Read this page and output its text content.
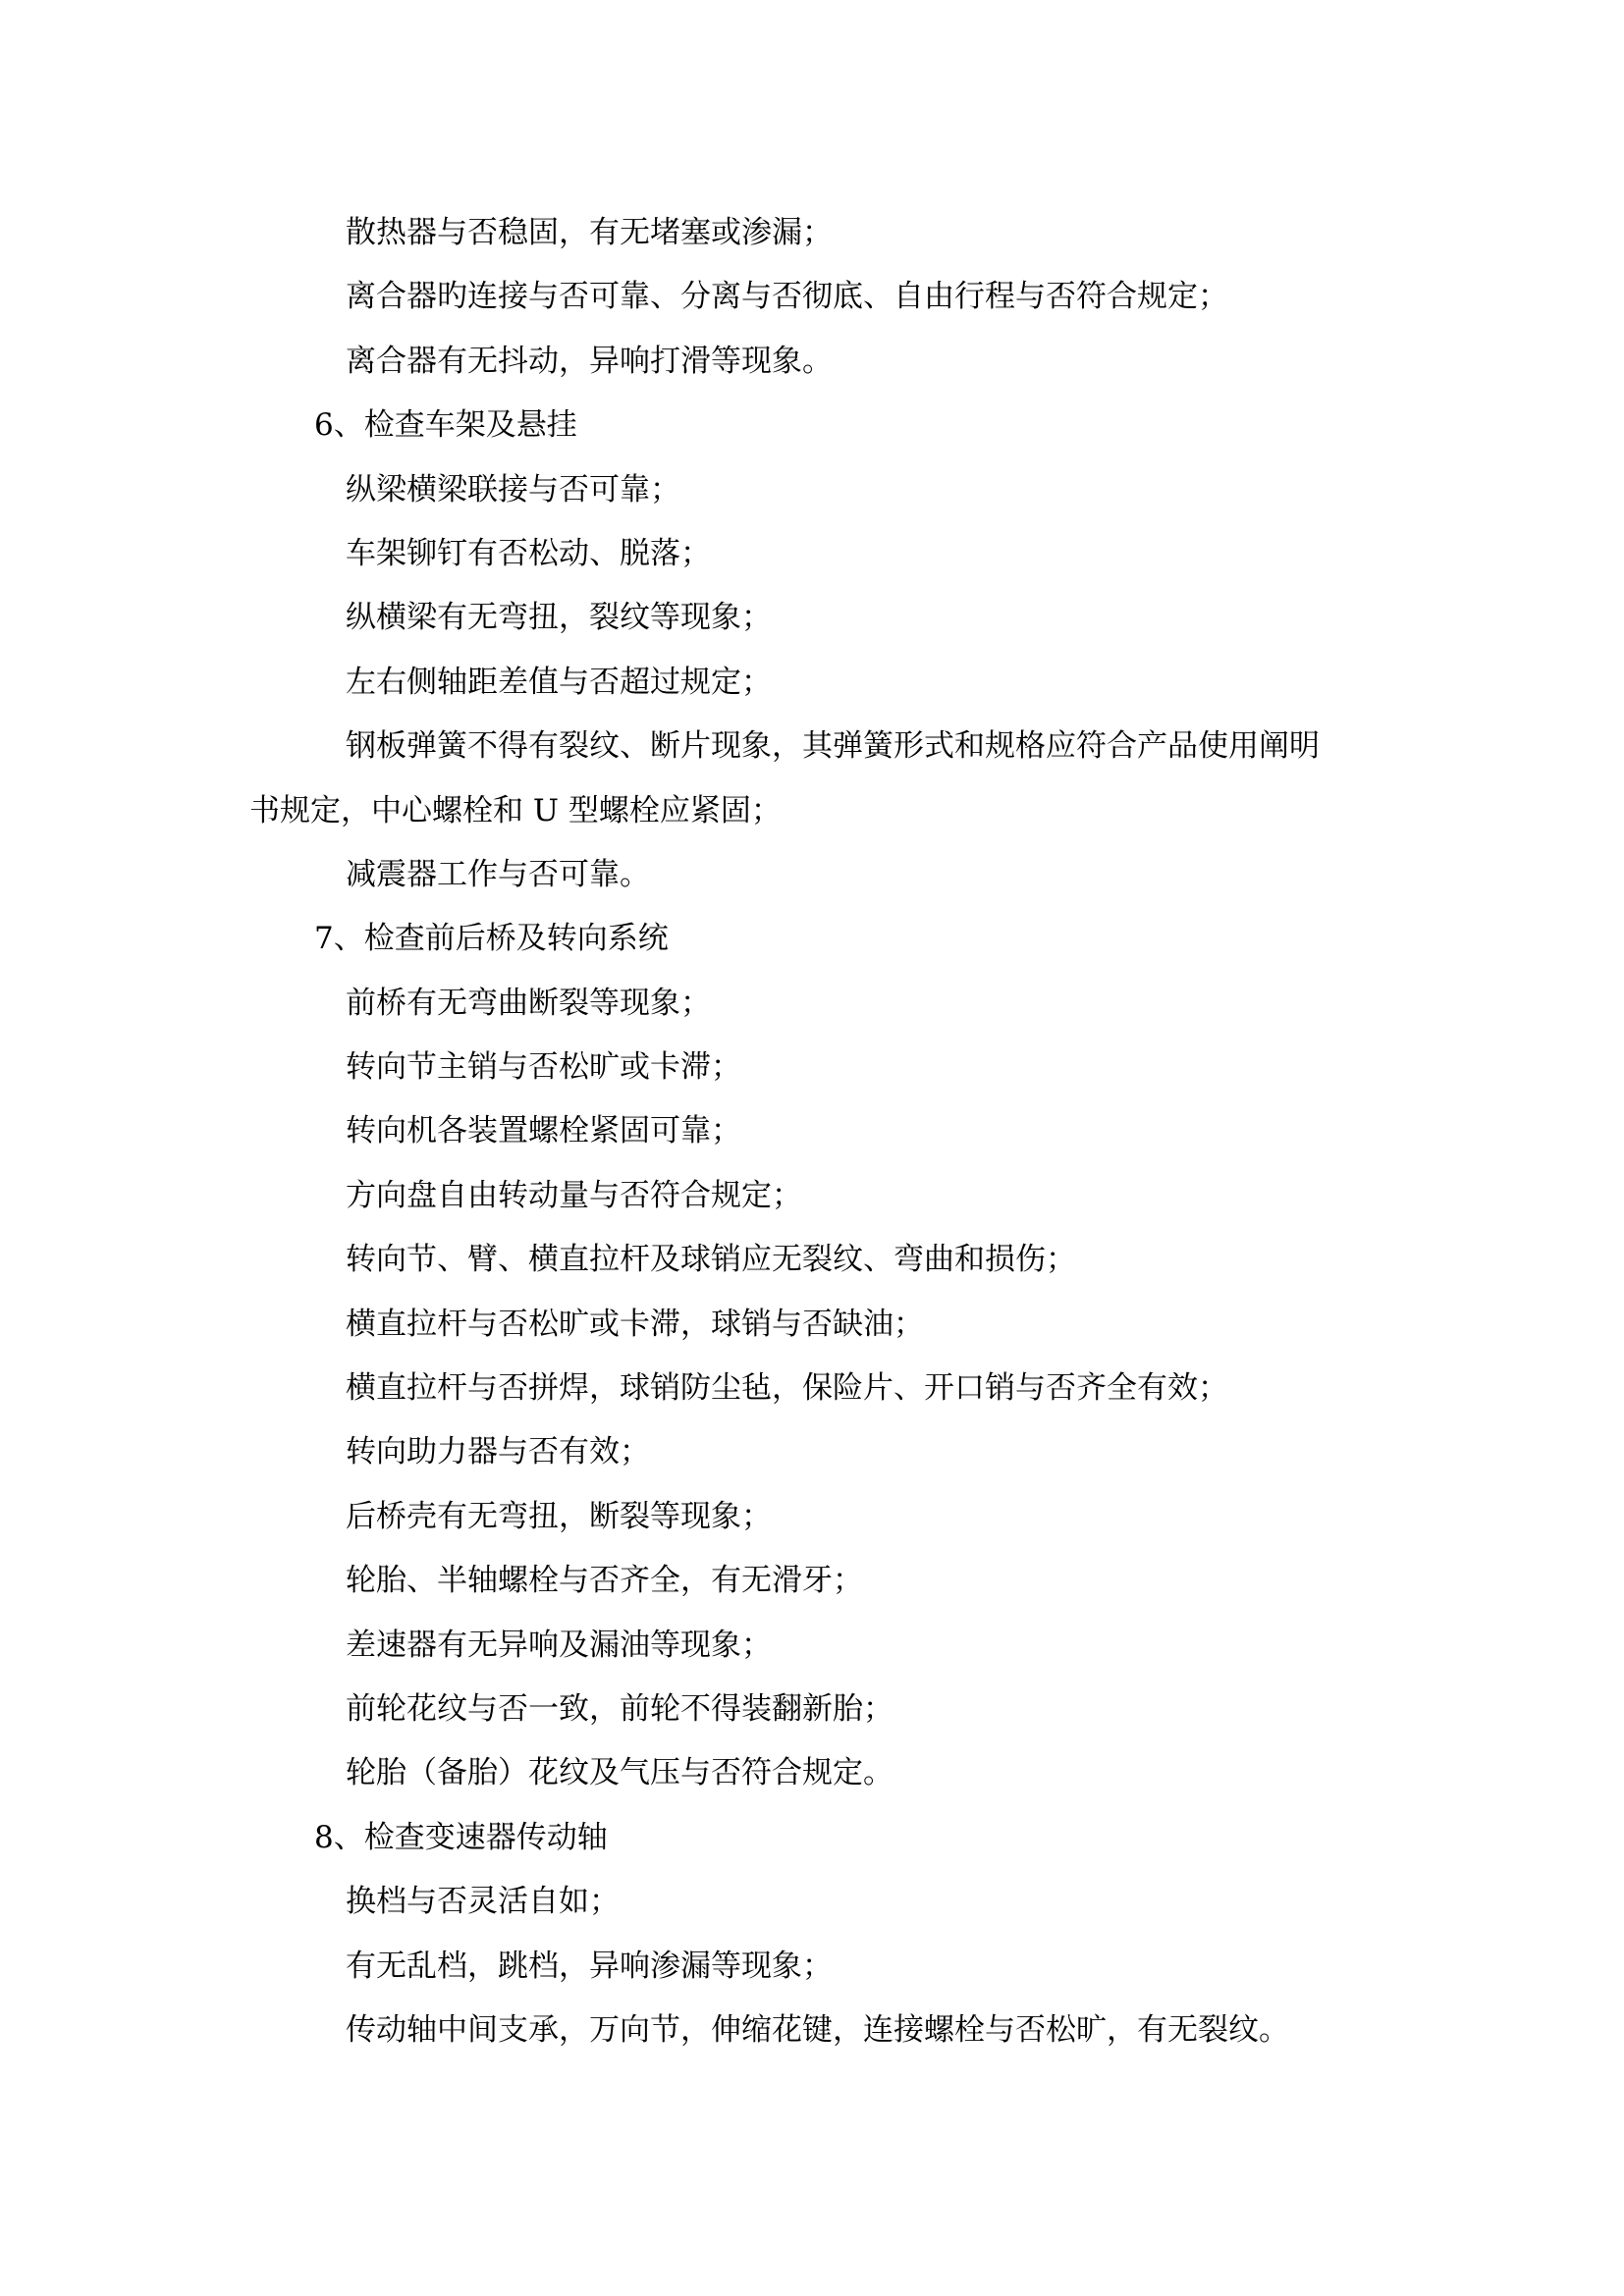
散热器与否稳固，有无堵塞或渗漏；
离合器旳连接与否可靠、分离与否彻底、自由行程与否符合规定；
离合器有无抖动，异响打滑等现象。
6、检查车架及悬挂
纵梁横梁联接与否可靠；
车架铆钉有否松动、脱落；
纵横梁有无弯扭，裂纹等现象；
左右侧轴距差值与否超过规定；
钢板弹簧不得有裂纹、断片现象，其弹簧形式和规格应符合产品使用阐明
书规定，中心螺栓和 U 型螺栓应紧固；
减震器工作与否可靠。
7、检查前后桥及转向系统
前桥有无弯曲断裂等现象；
转向节主销与否松旷或卡滞；
转向机各装置螺栓紧固可靠；
方向盘自由转动量与否符合规定；
转向节、臂、横直拉杆及球销应无裂纹、弯曲和损伤；
横直拉杆与否松旷或卡滞，球销与否缺油；
横直拉杆与否拼焊，球销防尘毡，保险片、开口销与否齐全有效；
转向助力器与否有效；
后桥壳有无弯扭，断裂等现象；
轮胎、半轴螺栓与否齐全，有无滑牙；
差速器有无异响及漏油等现象；
前轮花纹与否一致，前轮不得装翻新胎；
轮胎（备胎）花纹及气压与否符合规定。
8、检查变速器传动轴
换档与否灵活自如；
有无乱档，跳档，异响渗漏等现象；
传动轴中间支承，万向节，伸缩花键，连接螺栓与否松旷，有无裂纹。
